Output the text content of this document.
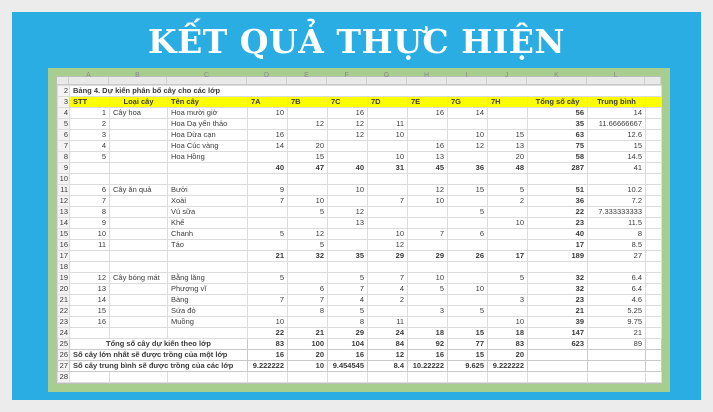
KẾT QUẢ THỰC HIỆN
A	B	C	D	E	F	G	H	I	J	K	L
2	Bảng 4. Dự kiến phân bổ cây cho các lớp												

3	STT	Loại cây	Tên cây	7A	7B	7C	7D	7E	7G	7H	Tổng số cây	Trung bình	

4	1	Cây hoa	Hoa mười giờ	10		16		16	14		56	14	

5	2		Hoa Dạ yến thảo		12	12	11				35	11.66666667	

6	3		Hoa Dừa cạn	16		12	10		10	15	63	12.6	

7	4		Hoa Cúc vàng	14	20			16	12	13	75	15	

8	5		Hoa Hồng		15		10	13		20	58	14.5	

9				40	47	40	31	45	36	48	287	41	

10													

11	6	Cây ăn quả	Bưởi	9		10		12	15	5	51	10.2	

12	7		Xoài	7	10		7	10		2	36	7.2	

13	8		Vú sữa		5	12			5		22	7.333333333	

14	9		Khế			13				10	23	11.5	

15	10		Chanh	5	12		10	7	6		40	8	

16	11		Táo		5		12				17	8.5	

17				21	32	35	29	29	26	17	189	27	

18													

19	12	Cây bóng mát	Bằng lăng	5		5	7	10		5	32	6.4	

20	13		Phượng vĩ		6	7	4	5	10		32	6.4	

21	14		Bàng	7	7	4	2			3	23	4.6	

22	15		Sứa đỏ		8	5		3	5		21	5.25	

23	16		Muồng	10		8	11			10	39	9.75	

24				22	21	29	24	18	15	18	147	21	

25	Tổng số cây dự kiến theo lớp			83	100	104	84	92	77	83	623	89	

26	Số cây lớn nhất sẽ được trồng của một lớp			16	20	16	12	16	15	20			

27	Số cây trung bình sẽ được trồng của các lớp			9.222222	10	9.454545	8.4	10.22222	9.625	9.222222			

28													
